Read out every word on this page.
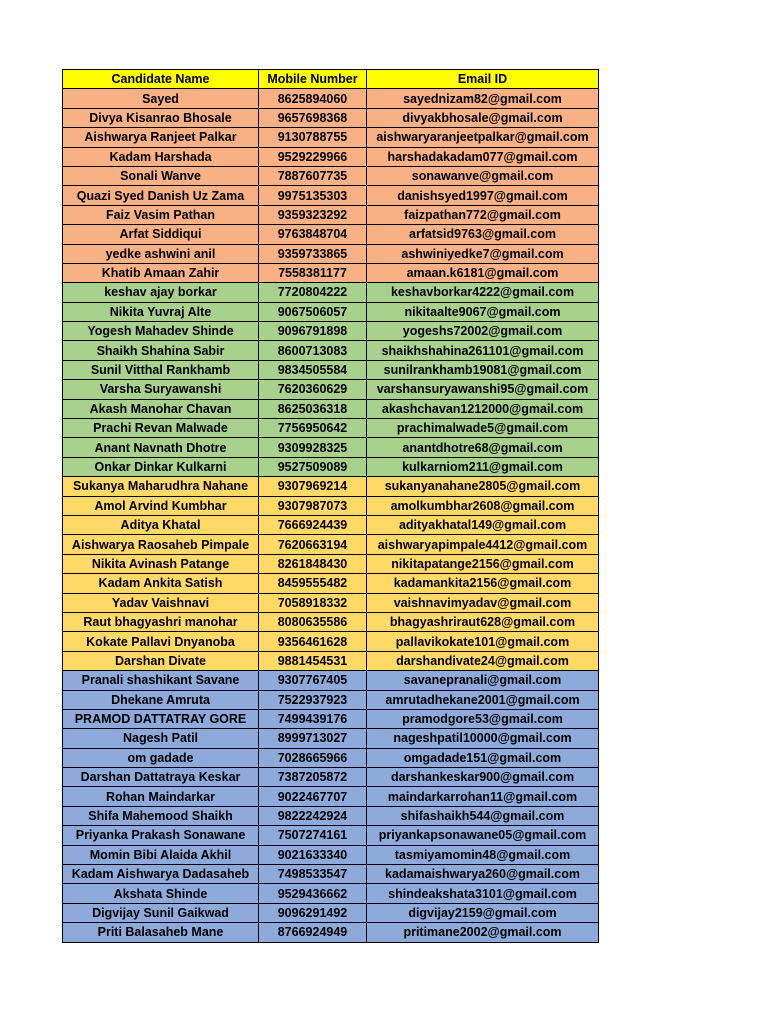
Candidate Name	Mobile Number	Email ID
Sayed	8625894060	sayednizam82@gmail.com
Divya Kisanrao Bhosale	9657698368	divyakbhosale@gmail.com
Aishwarya Ranjeet Palkar	9130788755	aishwaryaranjeetpalkar@gmail.com
Kadam Harshada	9529229966	harshadakadam077@gmail.com
Sonali Wanve	7887607735	sonawanve@gmail.com
Quazi Syed Danish Uz Zama	9975135303	danishsyed1997@gmail.com
Faiz Vasim Pathan	9359323292	faizpathan772@gmail.com
Arfat Siddiqui	9763848704	arfatsid9763@gmail.com
yedke ashwini anil	9359733865	ashwiniyedke7@gmail.com
Khatib Amaan Zahir	7558381177	amaan.k6181@gmail.com
keshav ajay borkar	7720804222	keshavborkar4222@gmail.com
Nikita Yuvraj Alte	9067506057	nikitaalte9067@gmail.com
Yogesh Mahadev Shinde	9096791898	yogeshs72002@gmail.com
Shaikh Shahina Sabir	8600713083	shaikhshahina261101@gmail.com
Sunil Vitthal Rankhamb	9834505584	sunilrankhamb19081@gmail.com
Varsha Suryawanshi	7620360629	varshansuryawanshi95@gmail.com
Akash Manohar Chavan	8625036318	akashchavan1212000@gmail.com
Prachi Revan Malwade	7756950642	prachimalwade5@gmail.com
Anant Navnath Dhotre	9309928325	anantdhotre68@gmail.com
Onkar Dinkar Kulkarni	9527509089	kulkarniom211@gmail.com
Sukanya Maharudhra Nahane	9307969214	sukanyanahane2805@gmail.com
Amol Arvind Kumbhar	9307987073	amolkumbhar2608@gmail.com
Aditya Khatal	7666924439	adityakhatal149@gmail.com
Aishwarya Raosaheb Pimpale	7620663194	aishwaryapimpale4412@gmail.com
Nikita Avinash Patange	8261848430	nikitapatange2156@gmail.com
Kadam Ankita Satish	8459555482	kadamankita2156@gmail.com
Yadav Vaishnavi	7058918332	vaishnavimyadav@gmail.com
Raut bhagyashri manohar	8080635586	bhagyashriraut628@gmail.com
Kokate Pallavi Dnyanoba	9356461628	pallavikokate101@gmail.com
Darshan Divate	9881454531	darshandivate24@gmail.com
Pranali shashikant Savane	9307767405	savanepranali@gmail.com
Dhekane Amruta	7522937923	amrutadhekane2001@gmail.com
PRAMOD DATTATRAY GORE	7499439176	pramodgore53@gmail.com
Nagesh Patil	8999713027	nageshpatil10000@gmail.com
om gadade	7028665966	omgadade151@gmail.com
Darshan Dattatraya Keskar	7387205872	darshankeskar900@gmail.com
Rohan Maindarkar	9022467707	maindarkarrohan11@gmail.com
Shifa Mahemood Shaikh	9822242924	shifashaikh544@gmail.com
Priyanka Prakash Sonawane	7507274161	priyankapsonawane05@gmail.com
Momin Bibi Alaida Akhil	9021633340	tasmiyamomin48@gmail.com
Kadam Aishwarya Dadasaheb	7498533547	kadamaishwarya260@gmail.com
Akshata Shinde	9529436662	shindeakshata3101@gmail.com
Digvijay Sunil Gaikwad	9096291492	digvijay2159@gmail.com
Priti Balasaheb Mane	8766924949	pritimane2002@gmail.com
